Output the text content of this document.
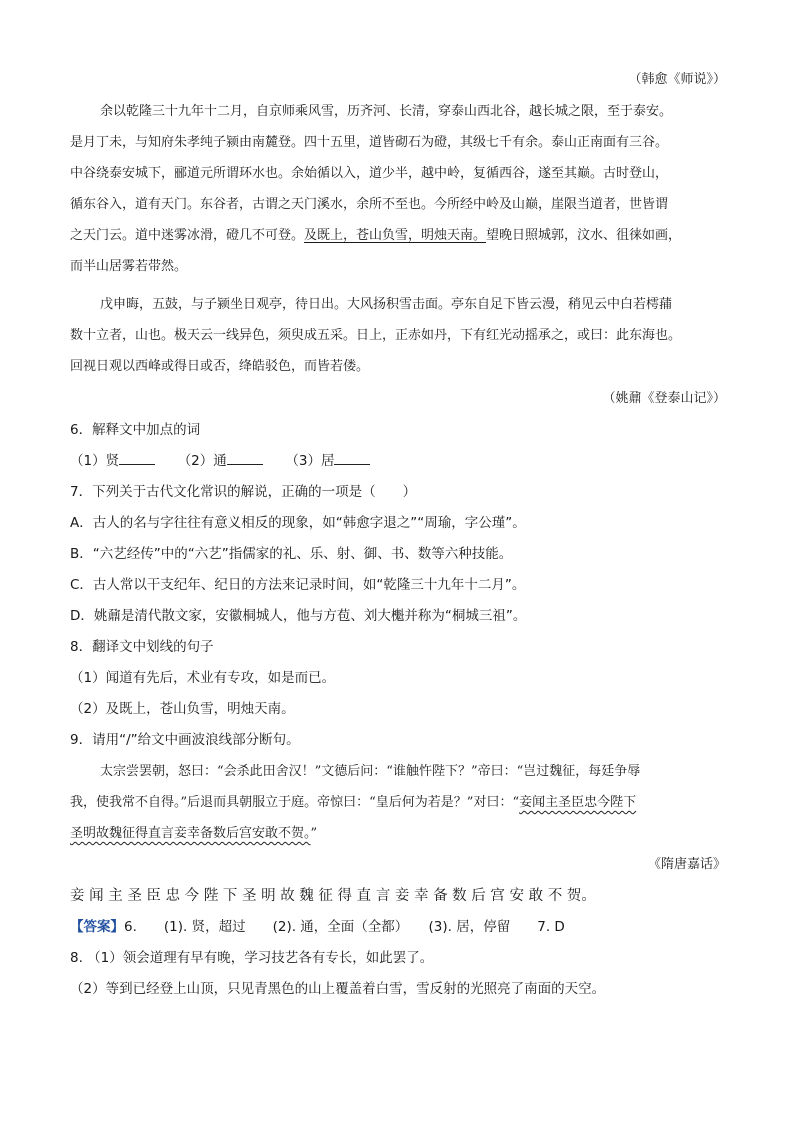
（韩愈《师说》）
余以乾隆三十九年十二月，自京师乘风雪，历齐河、长清，穿泰山西北谷，越长城之限，至于泰安。
是月丁未，与知府朱孝纯子颍由南麓登。四十五里，道皆砌石为磴，其级七千有余。泰山正南面有三谷。
中谷绕泰安城下，郦道元所谓环水也。余始循以入，道少半，越中岭，复循西谷，遂至其巅。古时登山，
循东谷入，道有天门。东谷者，古谓之天门溪水，余所不至也。今所经中岭及山巅，崖限当道者，世皆谓
之天门云。道中迷雾冰滑，磴几不可登。及既上，苍山负雪，明烛天南。望晚日照城郭，汶水、徂徕如画，
而半山居雾若带然。
戊申晦，五鼓，与子颍坐日观亭，待日出。大风扬积雪击面。亭东自足下皆云漫，稍见云中白若樗蒱
数十立者，山也。极天云一线异色，须臾成五采。日上，正赤如丹，下有红光动摇承之，或曰：此东海也。
回视日观以西峰或得日或否，绛皓驳色，而皆若偻。
（姚鼐《登泰山记》）
6．解释文中加点的词
（1）贤	（2）通	（3）居
7．下列关于古代文化常识的解说，正确的一项是（　　）
A．古人的名与字往往有意义相反的现象，如“韩愈字退之”“周瑜，字公瑾”。
B．“六艺经传”中的“六艺”指儒家的礼、乐、射、御、书、数等六种技能。
C．古人常以干支纪年、纪日的方法来记录时间，如“乾隆三十九年十二月”。
D．姚鼐是清代散文家，安徽桐城人，他与方苞、刘大櫆并称为“桐城三祖”。
8．翻译文中划线的句子
（1）闻道有先后，术业有专攻，如是而已。
（2）及既上，苍山负雪，明烛天南。
9．请用“/”给文中画波浪线部分断句。
太宗尝罢朝，怒曰：“会杀此田舍汉！”文德后问：“谁触忤陛下？”帝曰：“岂过魏征，每廷争辱
我，使我常不自得。”后退而具朝服立于庭。帝惊曰：“皇后何为若是？”对曰：“妾闻主圣臣忠今陛下
圣明故魏征得直言妾幸备数后宫安敢不贺。”
《隋唐嘉话》
妾 闻 主 圣 臣 忠 今 陛 下 圣 明 故 魏 征 得 直 言 妾 幸 备 数 后 宫 安 敢 不 贺。
【答案】6.　　(1). 贤，超过　　(2). 通，全面（全都）　　(3). 居，停留　　7. D
8. （1）领会道理有早有晚，学习技艺各有专长，如此罢了。
（2）等到已经登上山顶，只见青黑色的山上覆盖着白雪，雪反射的光照亮了南面的天空。
